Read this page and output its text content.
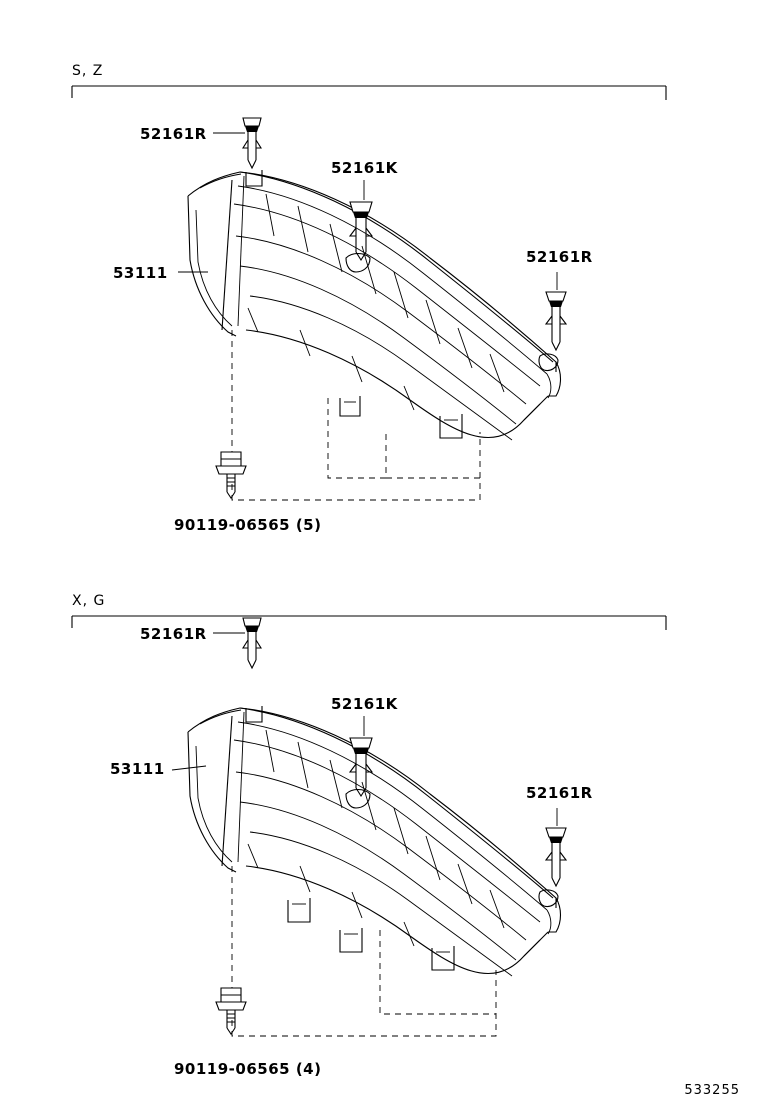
S, Z
52161R
52161K
52161R
53111
90119-06565 (5)
X, G
52161R
52161K
52161R
53111
90119-06565 (4)
533255
